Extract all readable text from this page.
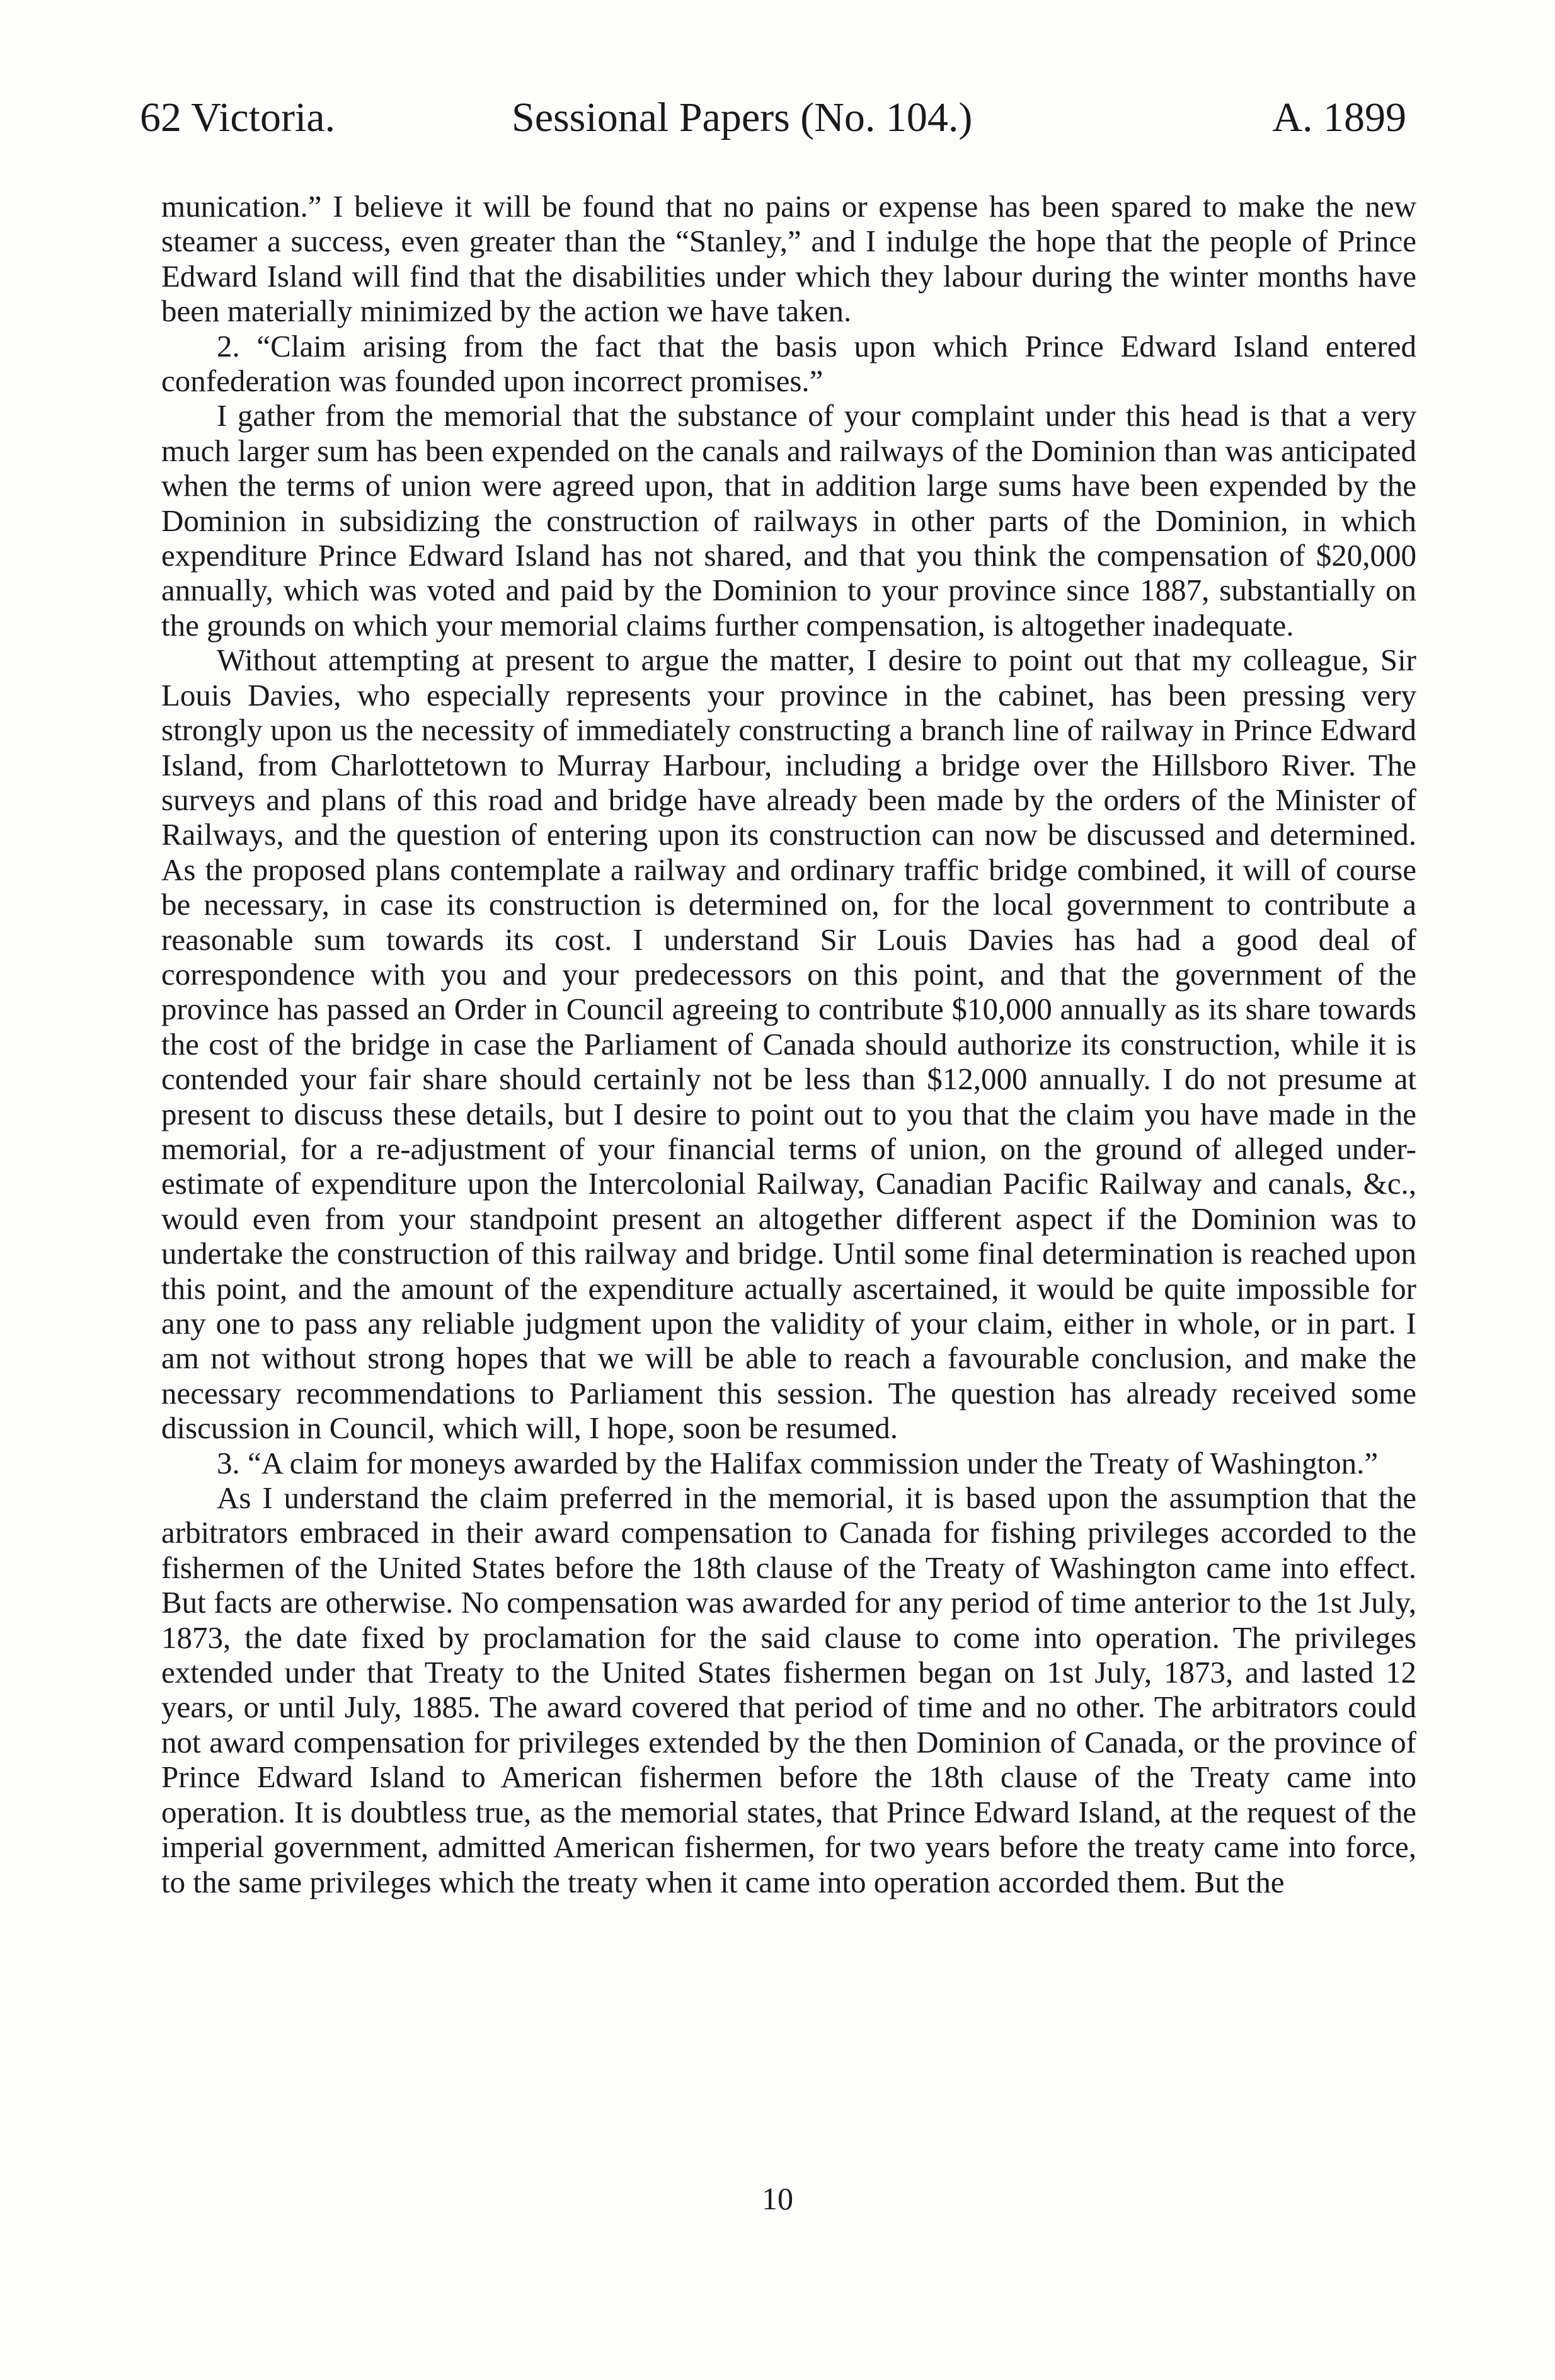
62 Victoria.	Sessional Papers (No. 104.)	A. 1899

munication.” I believe it will be found that no pains or expense has been spared to make the new steamer a success, even greater than the “Stanley,” and I indulge the hope that the people of Prince Edward Island will find that the disabilities under which they labour during the winter months have been materially minimized by the action we have taken.

2. “Claim arising from the fact that the basis upon which Prince Edward Island entered confederation was founded upon incorrect promises.”

I gather from the memorial that the substance of your complaint under this head is that a very much larger sum has been expended on the canals and railways of the Dominion than was anticipated when the terms of union were agreed upon, that in addition large sums have been expended by the Dominion in subsidizing the construction of railways in other parts of the Dominion, in which expenditure Prince Edward Island has not shared, and that you think the compensation of $20,000 annually, which was voted and paid by the Dominion to your province since 1887, substantially on the grounds on which your memorial claims further compensation, is altogether inadequate.

Without attempting at present to argue the matter, I desire to point out that my colleague, Sir Louis Davies, who especially represents your province in the cabinet, has been pressing very strongly upon us the necessity of immediately constructing a branch line of railway in Prince Edward Island, from Charlottetown to Murray Harbour, including a bridge over the Hillsboro River. The surveys and plans of this road and bridge have already been made by the orders of the Minister of Railways, and the question of entering upon its construction can now be discussed and determined. As the proposed plans contemplate a railway and ordinary traffic bridge combined, it will of course be necessary, in case its construction is determined on, for the local government to contribute a reasonable sum towards its cost. I understand Sir Louis Davies has had a good deal of correspondence with you and your predecessors on this point, and that the government of the province has passed an Order in Council agreeing to contribute $10,000 annually as its share towards the cost of the bridge in case the Parliament of Canada should authorize its construction, while it is contended your fair share should certainly not be less than $12,000 annually. I do not presume at present to discuss these details, but I desire to point out to you that the claim you have made in the memorial, for a re-adjustment of your financial terms of union, on the ground of alleged under-estimate of expenditure upon the Intercolonial Railway, Canadian Pacific Railway and canals, &c., would even from your standpoint present an altogether different aspect if the Dominion was to undertake the construction of this railway and bridge. Until some final determination is reached upon this point, and the amount of the expenditure actually ascertained, it would be quite impossible for any one to pass any reliable judgment upon the validity of your claim, either in whole, or in part. I am not without strong hopes that we will be able to reach a favourable conclusion, and make the necessary recommendations to Parliament this session. The question has already received some discussion in Council, which will, I hope, soon be resumed.

3. “A claim for moneys awarded by the Halifax commission under the Treaty of Washington.”

As I understand the claim preferred in the memorial, it is based upon the assumption that the arbitrators embraced in their award compensation to Canada for fishing privileges accorded to the fishermen of the United States before the 18th clause of the Treaty of Washington came into effect. But facts are otherwise. No compensation was awarded for any period of time anterior to the 1st July, 1873, the date fixed by proclamation for the said clause to come into operation. The privileges extended under that Treaty to the United States fishermen began on 1st July, 1873, and lasted 12 years, or until July, 1885. The award covered that period of time and no other. The arbitrators could not award compensation for privileges extended by the then Dominion of Canada, or the province of Prince Edward Island to American fishermen before the 18th clause of the Treaty came into operation. It is doubtless true, as the memorial states, that Prince Edward Island, at the request of the imperial government, admitted American fishermen, for two years before the treaty came into force, to the same privileges which the treaty when it came into operation accorded them. But the

10
